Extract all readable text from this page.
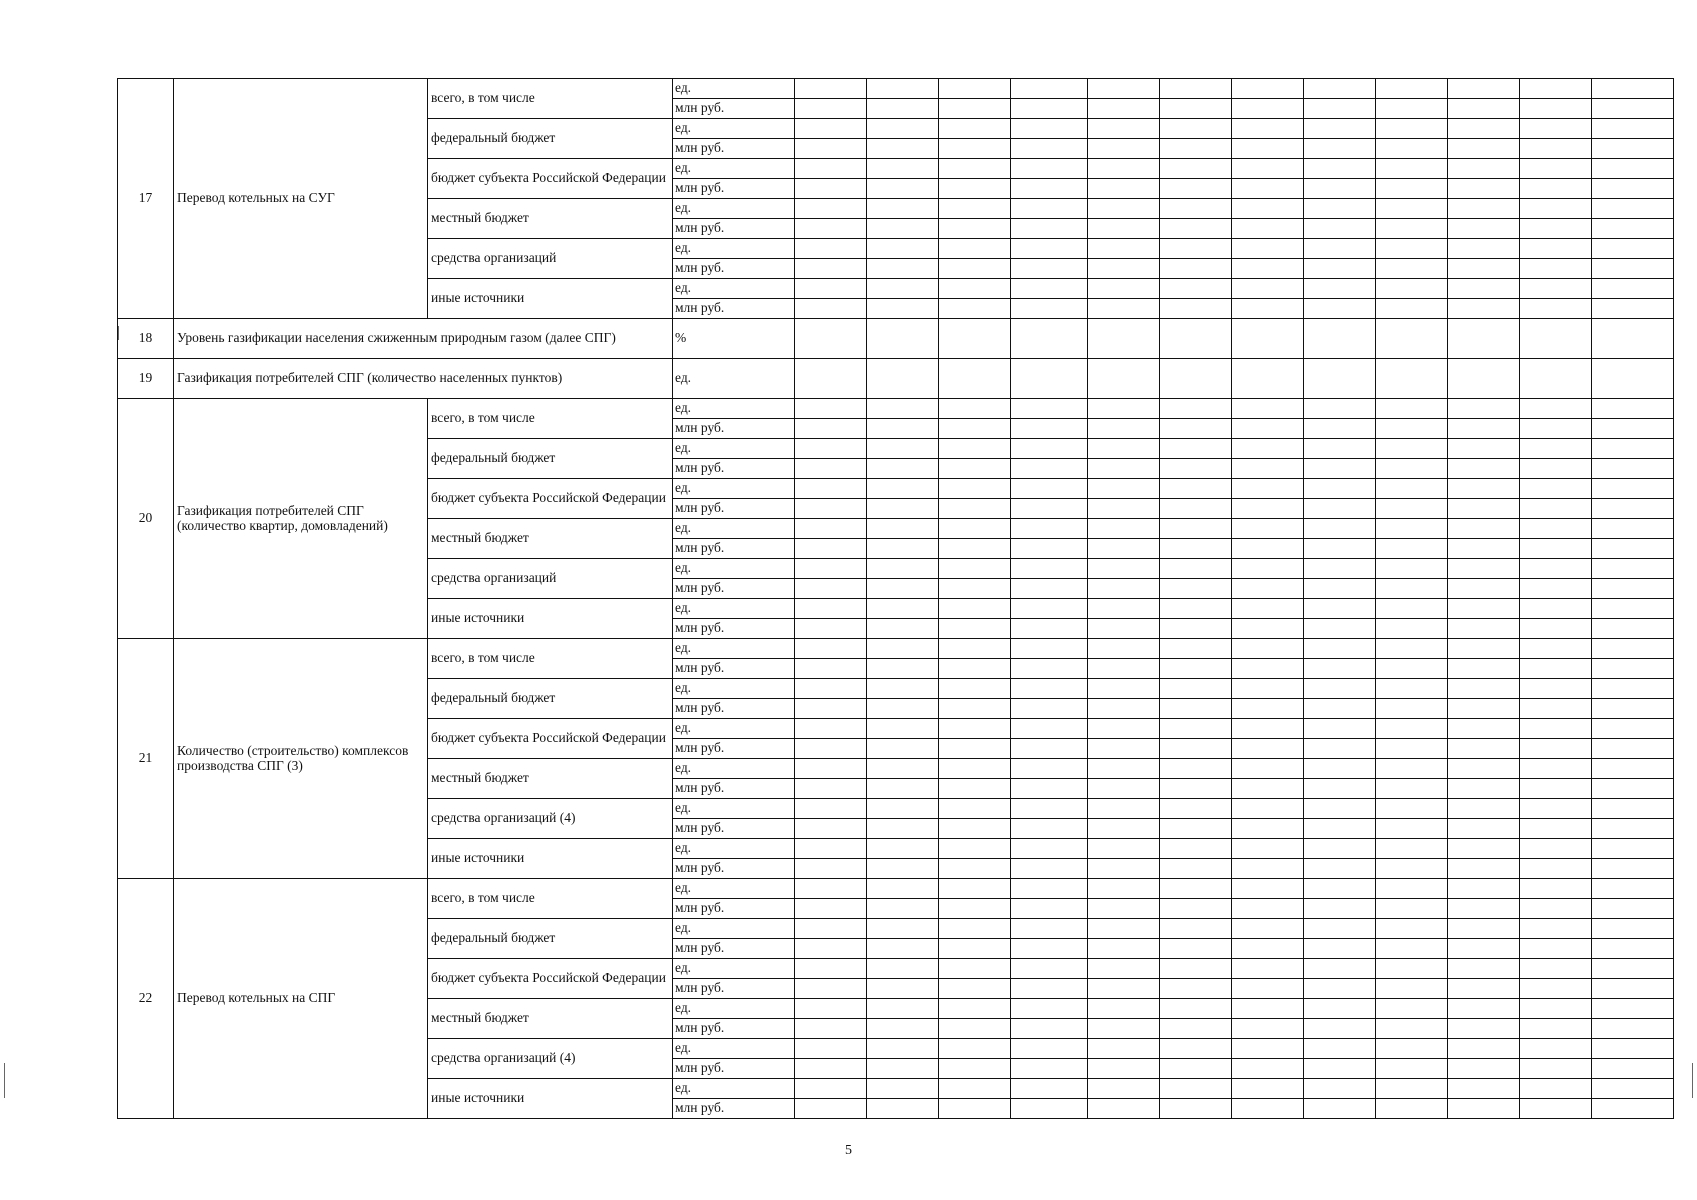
17	Перевод котельных на СУГ	всего, в том числе	ед.												
			млн руб.												
		федеральный бюджет	ед.												
			млн руб.												
		бюджет субъекта Российской Федерации	ед.												
			млн руб.												
		местный бюджет	ед.												
			млн руб.												
		средства организаций	ед.												
			млн руб.												
		иные источники	ед.												
			млн руб.												
18	Уровень газификации населения сжиженным природным газом (далее СПГ)		%												
19	Газификация потребителей СПГ (количество населенных пунктов)		ед.												
20	Газификация потребителей СПГ (количество квартир, домовладений)	всего, в том числе	ед.												
			млн руб.												
		федеральный бюджет	ед.												
			млн руб.												
		бюджет субъекта Российской Федерации	ед.												
			млн руб.												
		местный бюджет	ед.												
			млн руб.												
		средства организаций	ед.												
			млн руб.												
		иные источники	ед.												
			млн руб.												
21	Количество (строительство) комплексов производства СПГ (3)	всего, в том числе	ед.												
			млн руб.												
		федеральный бюджет	ед.												
			млн руб.												
		бюджет субъекта Российской Федерации	ед.												
			млн руб.												
		местный бюджет	ед.												
			млн руб.												
		средства организаций (4)	ед.												
			млн руб.												
		иные источники	ед.												
			млн руб.												
22	Перевод котельных на СПГ	всего, в том числе	ед.												
			млн руб.												
		федеральный бюджет	ед.												
			млн руб.												
		бюджет субъекта Российской Федерации	ед.												
			млн руб.												
		местный бюджет	ед.												
			млн руб.												
		средства организаций (4)	ед.												
			млн руб.												
		иные источники	ед.												
			млн руб.												
5
